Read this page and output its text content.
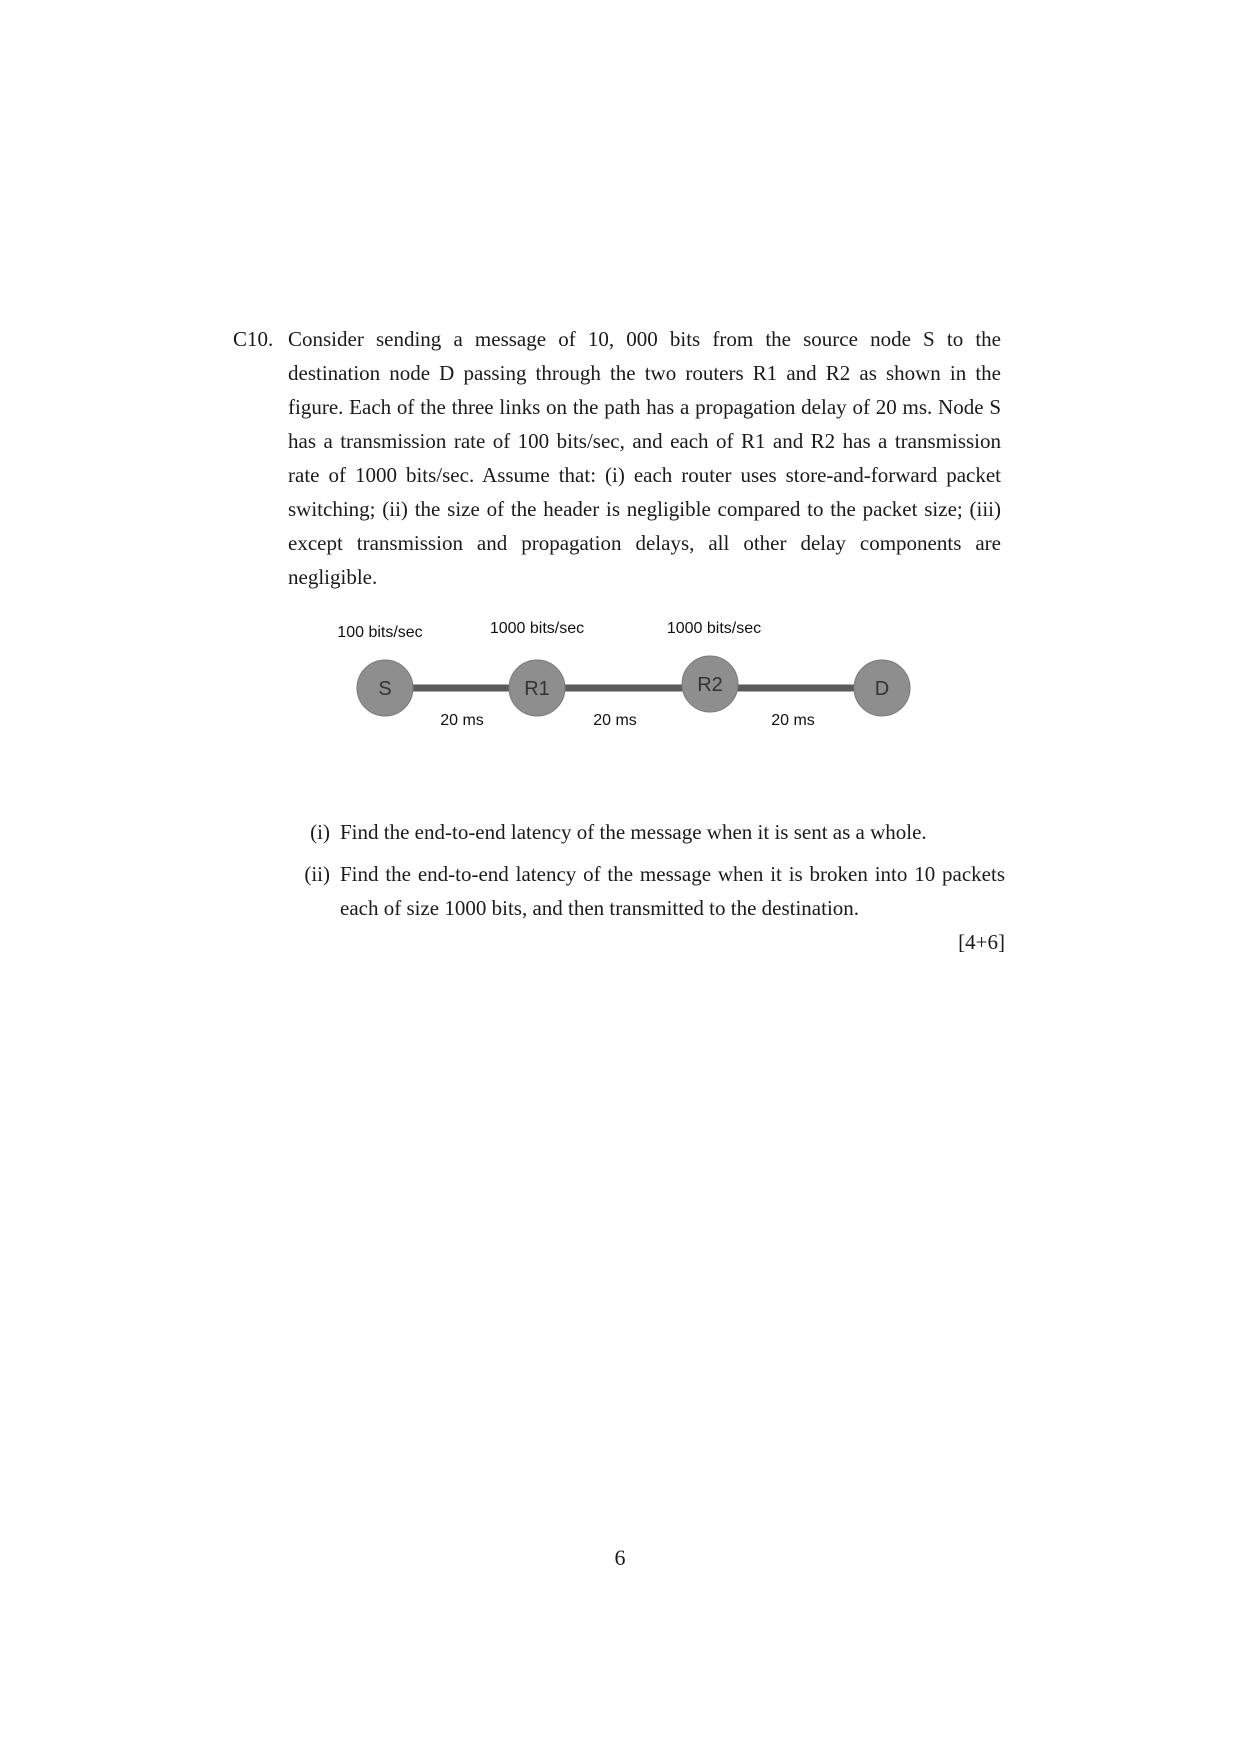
C10. Consider sending a message of 10, 000 bits from the source node S to the destination node D passing through the two routers R1 and R2 as shown in the figure. Each of the three links on the path has a propagation delay of 20 ms. Node S has a transmission rate of 100 bits/sec, and each of R1 and R2 has a transmission rate of 1000 bits/sec. Assume that: (i) each router uses store-and-forward packet switching; (ii) the size of the header is negligible compared to the packet size; (iii) except transmission and propagation delays, all other delay components are negligible.
S	R1	R2	D
100 bits/sec	1000 bits/sec	1000 bits/sec
20 ms	20 ms	20 ms
(i) Find the end-to-end latency of the message when it is sent as a whole.
(ii) Find the end-to-end latency of the message when it is broken into 10 packets each of size 1000 bits, and then transmitted to the destination.
[4+6]
6
